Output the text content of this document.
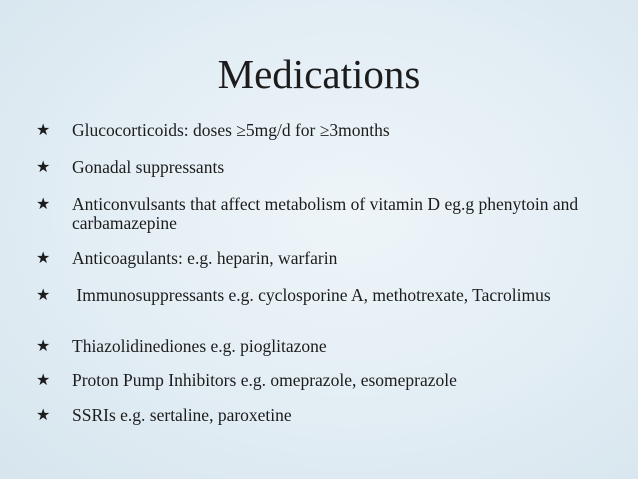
Medications
★	Glucocorticoids: doses ≥5mg/d for ≥3months
★	Gonadal suppressants
★	Anticonvulsants that affect metabolism of vitamin D eg.g phenytoin and carbamazepine
★	Anticoagulants: e.g. heparin, warfarin
★	Immunosuppressants e.g. cyclosporine A, methotrexate, Tacrolimus
★	Thiazolidinediones e.g. pioglitazone
★	Proton Pump Inhibitors e.g. omeprazole, esomeprazole
★	SSRIs e.g. sertaline, paroxetine
